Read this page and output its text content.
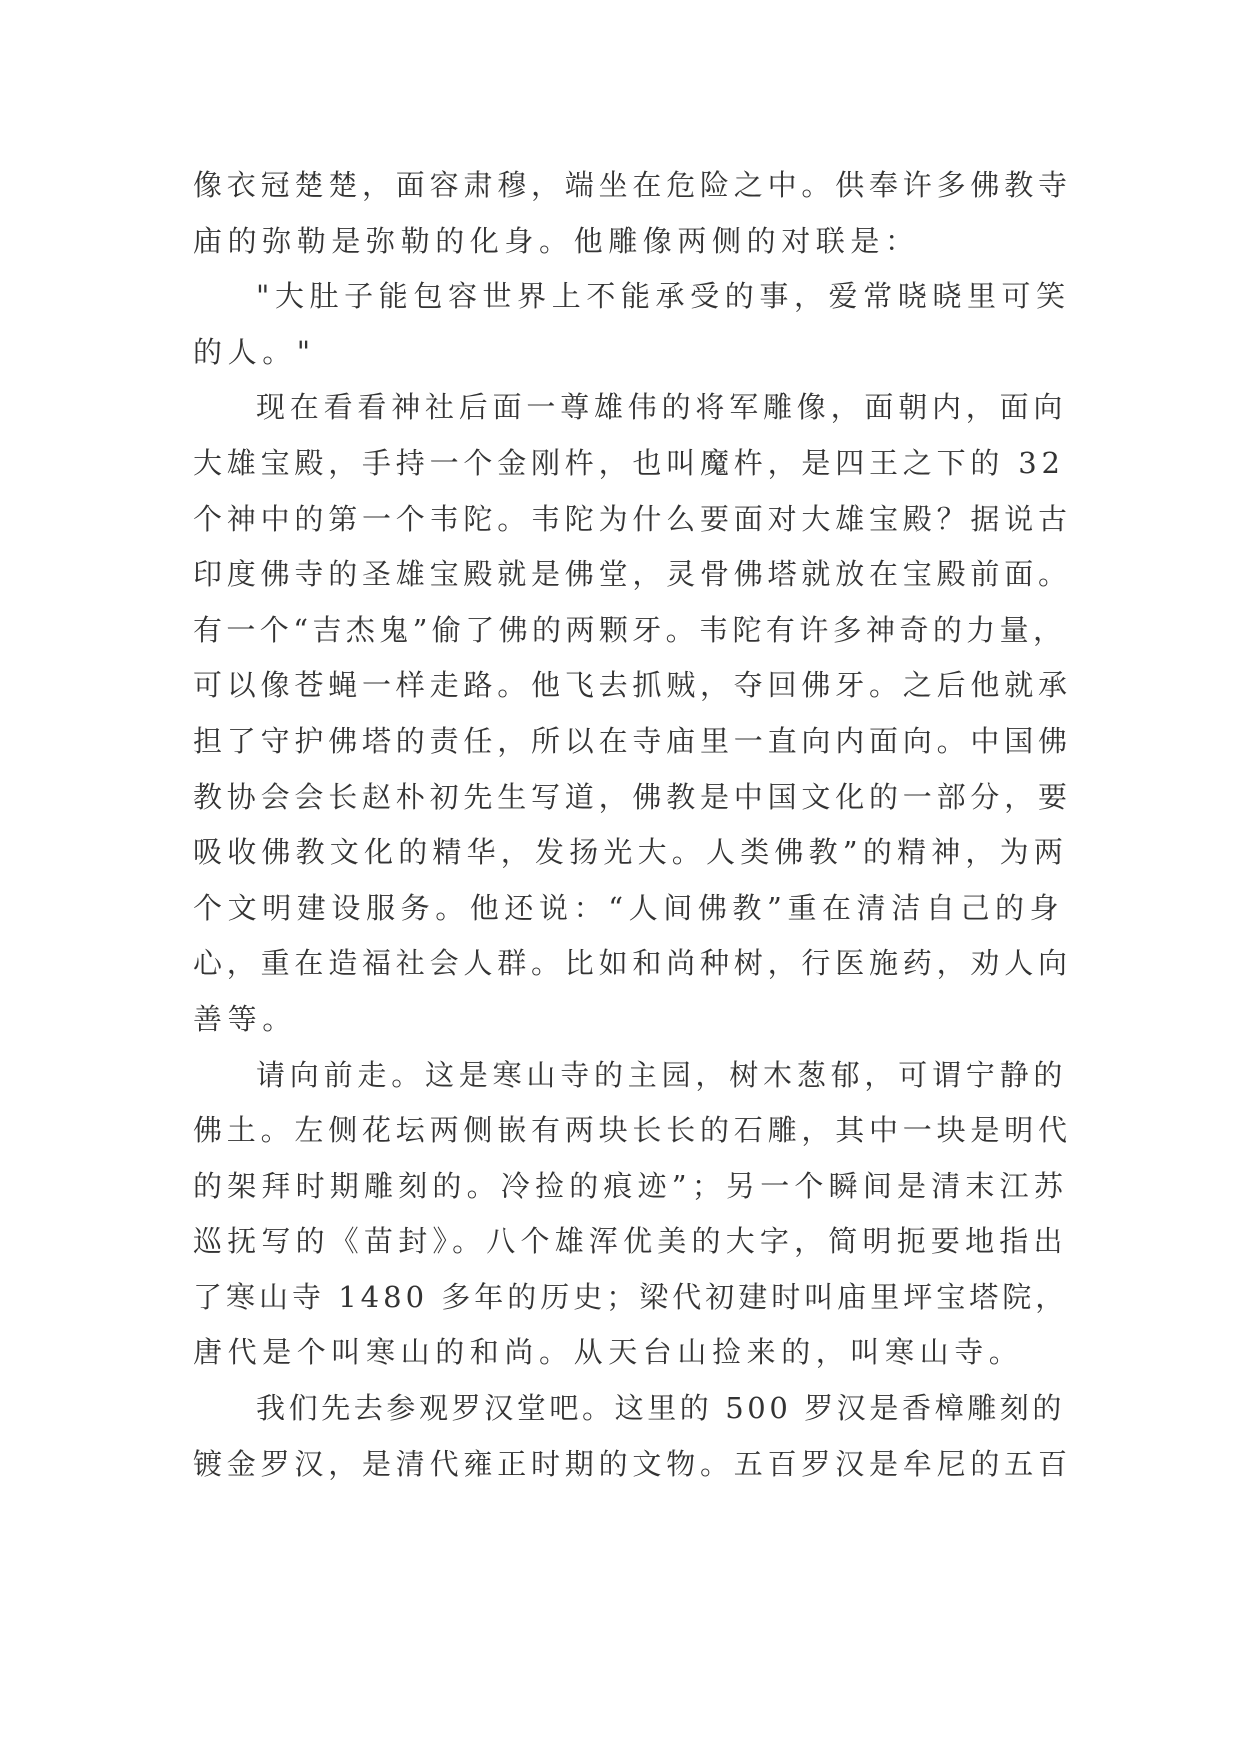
像衣冠楚楚，面容肃穆，端坐在危险之中。供奉许多佛教寺
庙的弥勒是弥勒的化身。他雕像两侧的对联是：
"大肚子能包容世界上不能承受的事，爱常晓晓里可笑
的人。"
现在看看神社后面一尊雄伟的将军雕像，面朝内，面向
大雄宝殿，手持一个金刚杵，也叫魔杵，是四王之下的 32
个神中的第一个韦陀。韦陀为什么要面对大雄宝殿？据说古
印度佛寺的圣雄宝殿就是佛堂，灵骨佛塔就放在宝殿前面。
有一个“吉杰鬼”偷了佛的两颗牙。韦陀有许多神奇的力量，
可以像苍蝇一样走路。他飞去抓贼，夺回佛牙。之后他就承
担了守护佛塔的责任，所以在寺庙里一直向内面向。中国佛
教协会会长赵朴初先生写道，佛教是中国文化的一部分，要
吸收佛教文化的精华，发扬光大。人类佛教”的精神，为两
个文明建设服务。他还说：“人间佛教”重在清洁自己的身
心，重在造福社会人群。比如和尚种树，行医施药，劝人向
善等。
请向前走。这是寒山寺的主园，树木葱郁，可谓宁静的
佛土。左侧花坛两侧嵌有两块长长的石雕，其中一块是明代
的架拜时期雕刻的。冷捡的痕迹”；另一个瞬间是清末江苏
巡抚写的《苗封》。八个雄浑优美的大字，简明扼要地指出
了寒山寺 1480 多年的历史；梁代初建时叫庙里坪宝塔院，
唐代是个叫寒山的和尚。从天台山捡来的，叫寒山寺。
我们先去参观罗汉堂吧。这里的 500 罗汉是香樟雕刻的
镀金罗汉，是清代雍正时期的文物。五百罗汉是牟尼的五百
